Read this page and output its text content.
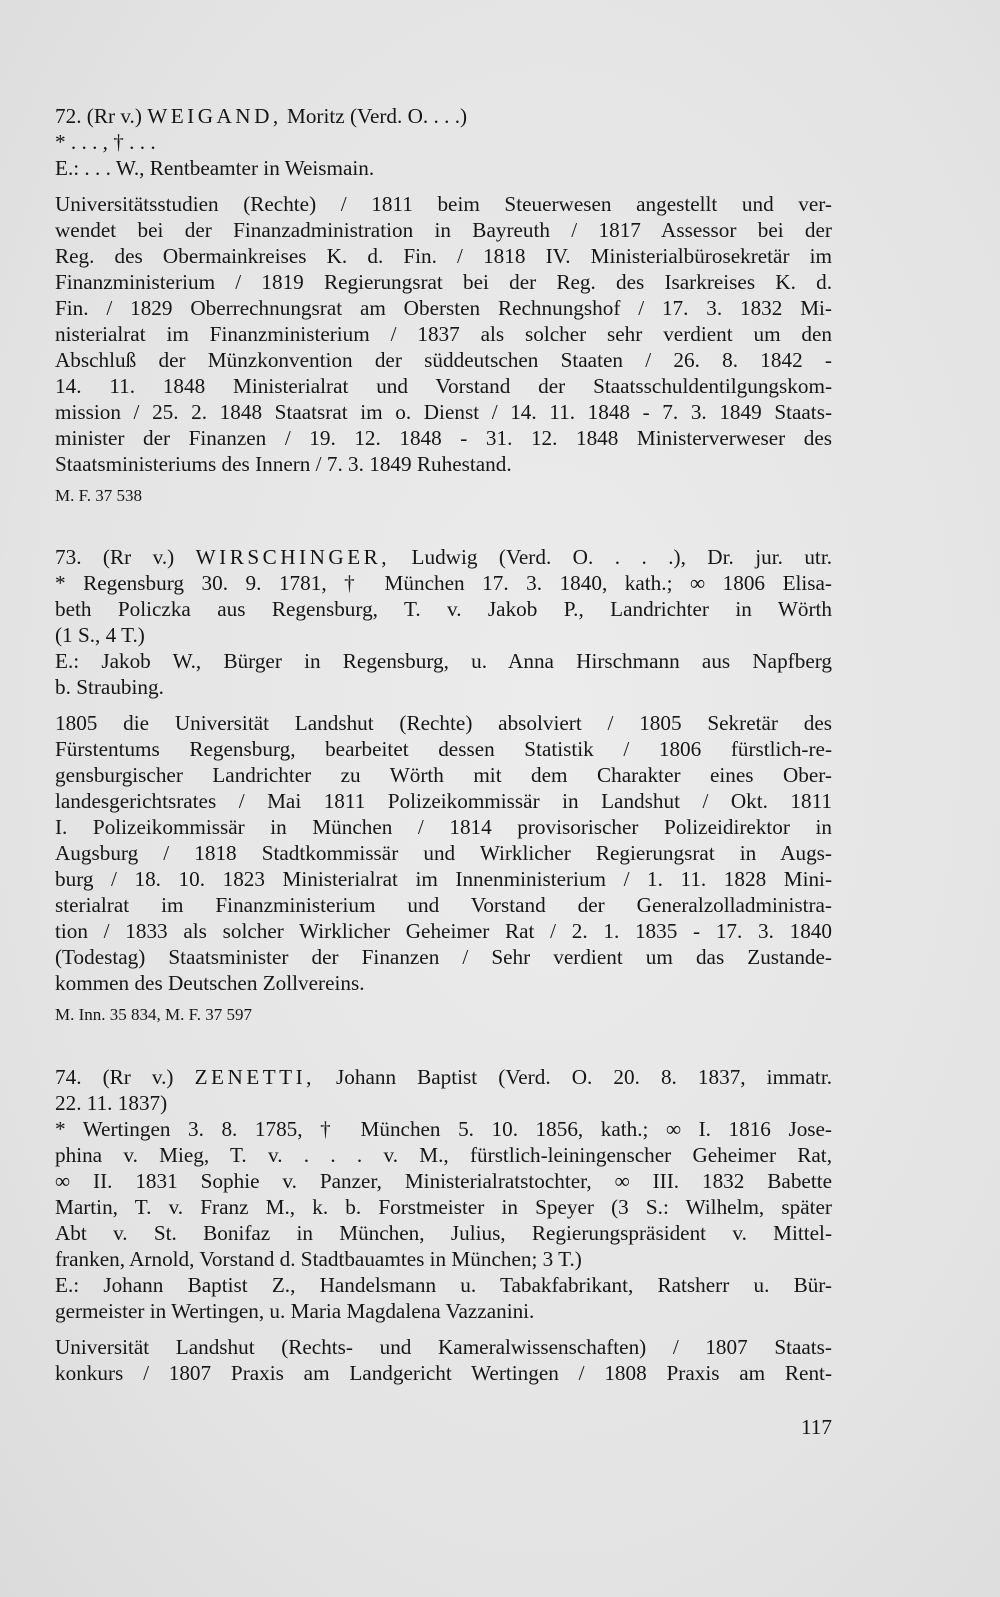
72. (Rr v.) WEIGAND, Moritz (Verd. O. . . .)
* . . . , † . . .
E.: . . . W., Rentbeamter in Weismain.
Universitätsstudien (Rechte) / 1811 beim Steuerwesen angestellt und ver-
wendet bei der Finanzadministration in Bayreuth / 1817 Assessor bei der
Reg. des Obermainkreises K. d. Fin. / 1818 IV. Ministerialbürosekretär im
Finanzministerium / 1819 Regierungsrat bei der Reg. des Isarkreises K. d.
Fin. / 1829 Oberrechnungsrat am Obersten Rechnungshof / 17. 3. 1832 Mi-
nisterialrat im Finanzministerium / 1837 als solcher sehr verdient um den
Abschluß der Münzkonvention der süddeutschen Staaten / 26. 8. 1842 -
14. 11. 1848 Ministerialrat und Vorstand der Staatsschuldentilgungskom-
mission / 25. 2. 1848 Staatsrat im o. Dienst / 14. 11. 1848 - 7. 3. 1849 Staats-
minister der Finanzen / 19. 12. 1848 - 31. 12. 1848 Ministerverweser des
Staatsministeriums des Innern / 7. 3. 1849 Ruhestand.
M. F. 37 538
73. (Rr v.) WIRSCHINGER, Ludwig (Verd. O. . . .), Dr. jur. utr.
* Regensburg 30. 9. 1781, † München 17. 3. 1840, kath.; ∞ 1806 Elisa-
beth Policzka aus Regensburg, T. v. Jakob P., Landrichter in Wörth
(1 S., 4 T.)
E.: Jakob W., Bürger in Regensburg, u. Anna Hirschmann aus Napfberg
b. Straubing.
1805 die Universität Landshut (Rechte) absolviert / 1805 Sekretär des
Fürstentums Regensburg, bearbeitet dessen Statistik / 1806 fürstlich-re-
gensburgischer Landrichter zu Wörth mit dem Charakter eines Ober-
landesgerichtsrates / Mai 1811 Polizeikommissär in Landshut / Okt. 1811
I. Polizeikommissär in München / 1814 provisorischer Polizeidirektor in
Augsburg / 1818 Stadtkommissär und Wirklicher Regierungsrat in Augs-
burg / 18. 10. 1823 Ministerialrat im Innenministerium / 1. 11. 1828 Mini-
sterialrat im Finanzministerium und Vorstand der Generalzolladministra-
tion / 1833 als solcher Wirklicher Geheimer Rat / 2. 1. 1835 - 17. 3. 1840
(Todestag) Staatsminister der Finanzen / Sehr verdient um das Zustande-
kommen des Deutschen Zollvereins.
M. Inn. 35 834, M. F. 37 597
74. (Rr v.) ZENETTI, Johann Baptist (Verd. O. 20. 8. 1837, immatr.
22. 11. 1837)
* Wertingen 3. 8. 1785, † München 5. 10. 1856, kath.; ∞ I. 1816 Jose-
phina v. Mieg, T. v. . . . v. M., fürstlich-leiningenscher Geheimer Rat,
∞ II. 1831 Sophie v. Panzer, Ministerialratstochter, ∞ III. 1832 Babette
Martin, T. v. Franz M., k. b. Forstmeister in Speyer (3 S.: Wilhelm, später
Abt v. St. Bonifaz in München, Julius, Regierungspräsident v. Mittel-
franken, Arnold, Vorstand d. Stadtbauamtes in München; 3 T.)
E.: Johann Baptist Z., Handelsmann u. Tabakfabrikant, Ratsherr u. Bür-
germeister in Wertingen, u. Maria Magdalena Vazzanini.
Universität Landshut (Rechts- und Kameralwissenschaften) / 1807 Staats-
konkurs / 1807 Praxis am Landgericht Wertingen / 1808 Praxis am Rent-
117
